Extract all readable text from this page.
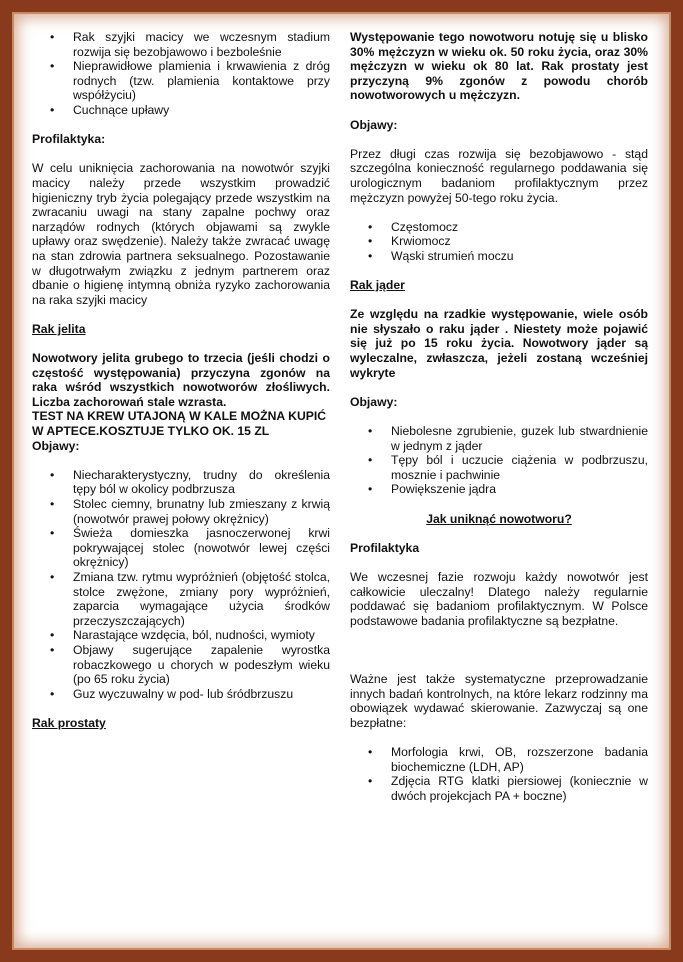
• Rak szyjki macicy we wczesnym stadium rozwija się bezobjawowo i bezboleśnie
• Nieprawidłowe plamienia i krwawienia z dróg rodnych (tzw. plamienia kontaktowe przy współżyciu)
• Cuchnące upławy

Profilaktyka:

W celu uniknięcia zachorowania na nowotwór szyjki macicy należy przede wszystkim prowadzić higieniczny tryb życia polegający przede wszystkim na zwracaniu uwagi na stany zapalne pochwy oraz narządów rodnych (których objawami są zwykle upławy oraz swędzenie). Należy także zwracać uwagę na stan zdrowia partnera seksualnego. Pozostawanie w długotrwałym związku z jednym partnerem oraz dbanie o higienę intymną obniża ryzyko zachorowania na raka szyjki macicy

Rak jelita

Nowotwory jelita grubego to trzecia (jeśli chodzi o częstość występowania) przyczyna zgonów na raka wśród wszystkich nowotworów złośliwych. Liczba zachorowań stale wzrasta.

TEST NA KREW UTAJONĄ W KALE MOŻNA KUPIĆ W APTECE.KOSZTUJE TYLKO OK. 15 ZL

Objawy:

• Niecharakterystyczny, trudny do określenia tępy ból w okolicy podbrzusza
• Stolec ciemny, brunatny lub zmieszany z krwią (nowotwór prawej połowy okrężnicy)
• Świeża domieszka jasnoczerwonej krwi pokrywającej stolec (nowotwór lewej części okrężnicy)
• Zmiana tzw. rytmu wypróżnień (objętość stolca, stolce zwężone, zmiany pory wypróżnień, zaparcia wymagające użycia środków przeczyszczających)
• Narastające wzdęcia, ból, nudności, wymioty
• Objawy sugerujące zapalenie wyrostka robaczkowego u chorych w podeszłym wieku (po 65 roku życia)
• Guz wyczuwalny w pod- lub śródbrzuszu

Rak prostaty

Występowanie tego nowotworu notuję się u blisko 30% mężczyzn w wieku ok. 50 roku życia, oraz 30% mężczyzn w wieku ok 80 lat. Rak prostaty jest przyczyną 9% zgonów z powodu chorób nowotworowych u mężczyzn.

Objawy:

Przez długi czas rozwija się bezobjawowo - stąd szczególna konieczność regularnego poddawania się urologicznym badaniom profilaktycznym przez mężczyzn powyżej 50-tego roku życia.

• Częstomocz
• Krwiomocz
• Wąski strumień moczu

Rak jąder

Ze względu na rzadkie występowanie, wiele osób nie słyszało o raku jąder . Niestety może pojawić się już po 15 roku życia. Nowotwory jąder są wyleczalne, zwłaszcza, jeżeli zostaną wcześniej wykryte

Objawy:

• Niebolesne zgrubienie, guzek lub stwardnienie w jednym z jąder
• Tępy ból i uczucie ciążenia w podbrzuszu, mosznie i pachwinie
• Powiększenie jądra

Jak uniknąć nowotworu?

Profilaktyka

We wczesnej fazie rozwoju każdy nowotwór jest całkowicie uleczalny! Dlatego należy regularnie poddawać się badaniom profilaktycznym. W Polsce podstawowe badania profilaktyczne są bezpłatne.

Ważne jest także systematyczne przeprowadzanie innych badań kontrolnych, na które lekarz rodzinny ma obowiązek wydawać skierowanie. Zazwyczaj są one bezpłatne:

• Morfologia krwi, OB, rozszerzone badania biochemiczne (LDH, AP)
• Zdjęcia RTG klatki piersiowej (koniecznie w dwóch projekcjach PA + boczne)
